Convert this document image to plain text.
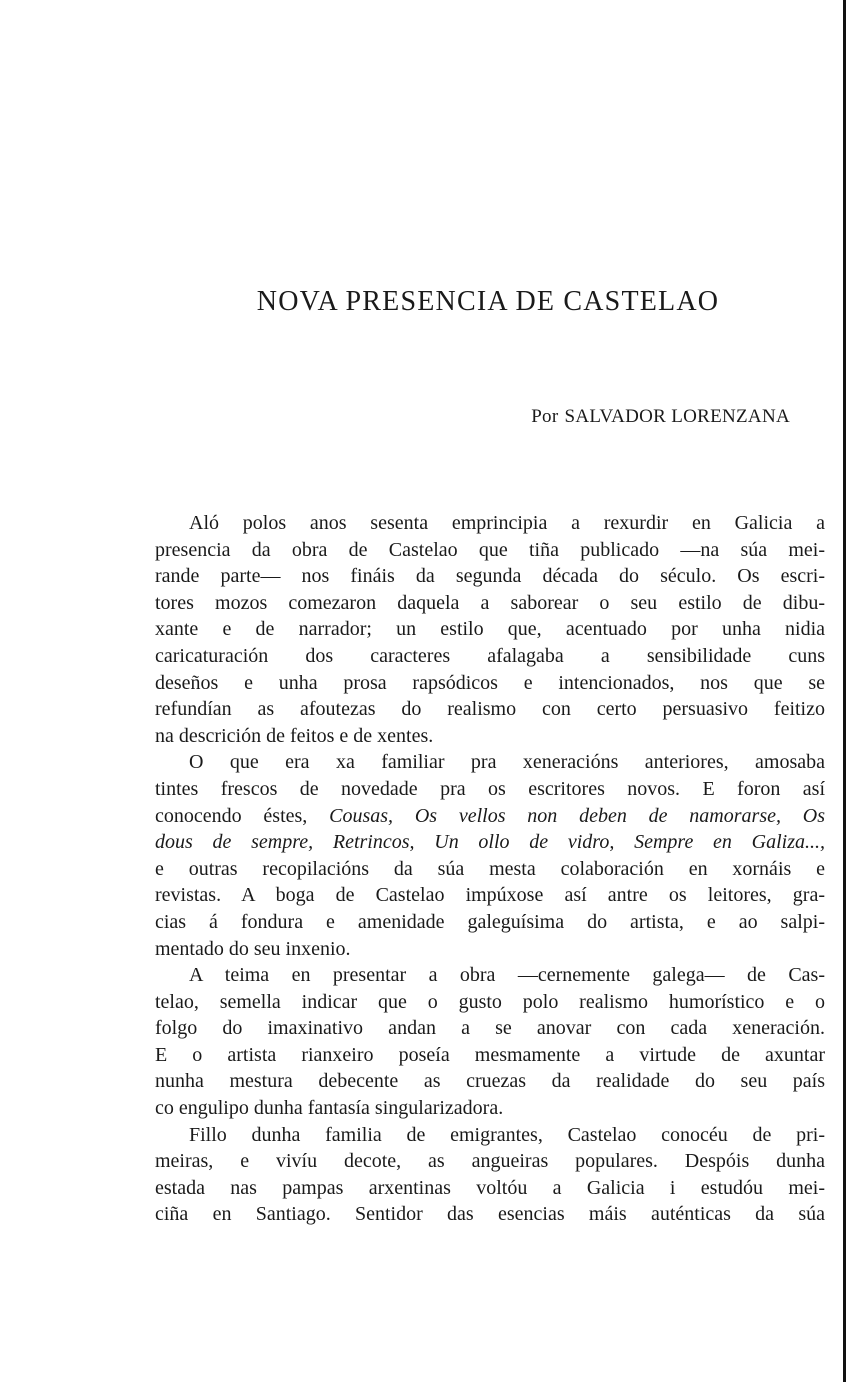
NOVA PRESENCIA DE CASTELAO
Por SALVADOR LORENZANA
Aló polos anos sesenta emprincipia a rexurdir en Galicia a
presencia da obra de Castelao que tiña publicado —na súa mei-
rande parte— nos fináis da segunda década do século. Os escri-
tores mozos comezaron daquela a saborear o seu estilo de dibu-
xante e de narrador; un estilo que, acentuado por unha nidia
caricaturación dos caracteres afalagaba a sensibilidade cuns
deseños e unha prosa rapsódicos e intencionados, nos que se
refundían as afoutezas do realismo con certo persuasivo feitizo
na descrición de feitos e de xentes.
O que era xa familiar pra xeneracións anteriores, amosaba
tintes frescos de novedade pra os escritores novos. E foron así
conocendo éstes, Cousas, Os vellos non deben de namorarse, Os
dous de sempre, Retrincos, Un ollo de vidro, Sempre en Galiza...,
e outras recopilacións da súa mesta colaboración en xornáis e
revistas. A boga de Castelao impúxose así antre os leitores, gra-
cias á fondura e amenidade galeguísima do artista, e ao salpi-
mentado do seu inxenio.
A teima en presentar a obra —cernemente galega— de Cas-
telao, semella indicar que o gusto polo realismo humorístico e o
folgo do imaxinativo andan a se anovar con cada xeneración.
E o artista rianxeiro poseía mesmamente a virtude de axuntar
nunha mestura debecente as cruezas da realidade do seu país
co engulipo dunha fantasía singularizadora.
Fillo dunha familia de emigrantes, Castelao conocéu de pri-
meiras, e vivíu decote, as angueiras populares. Despóis dunha
estada nas pampas arxentinas voltóu a Galicia i estudóu mei-
ciña en Santiago. Sentidor das esencias máis auténticas da súa
